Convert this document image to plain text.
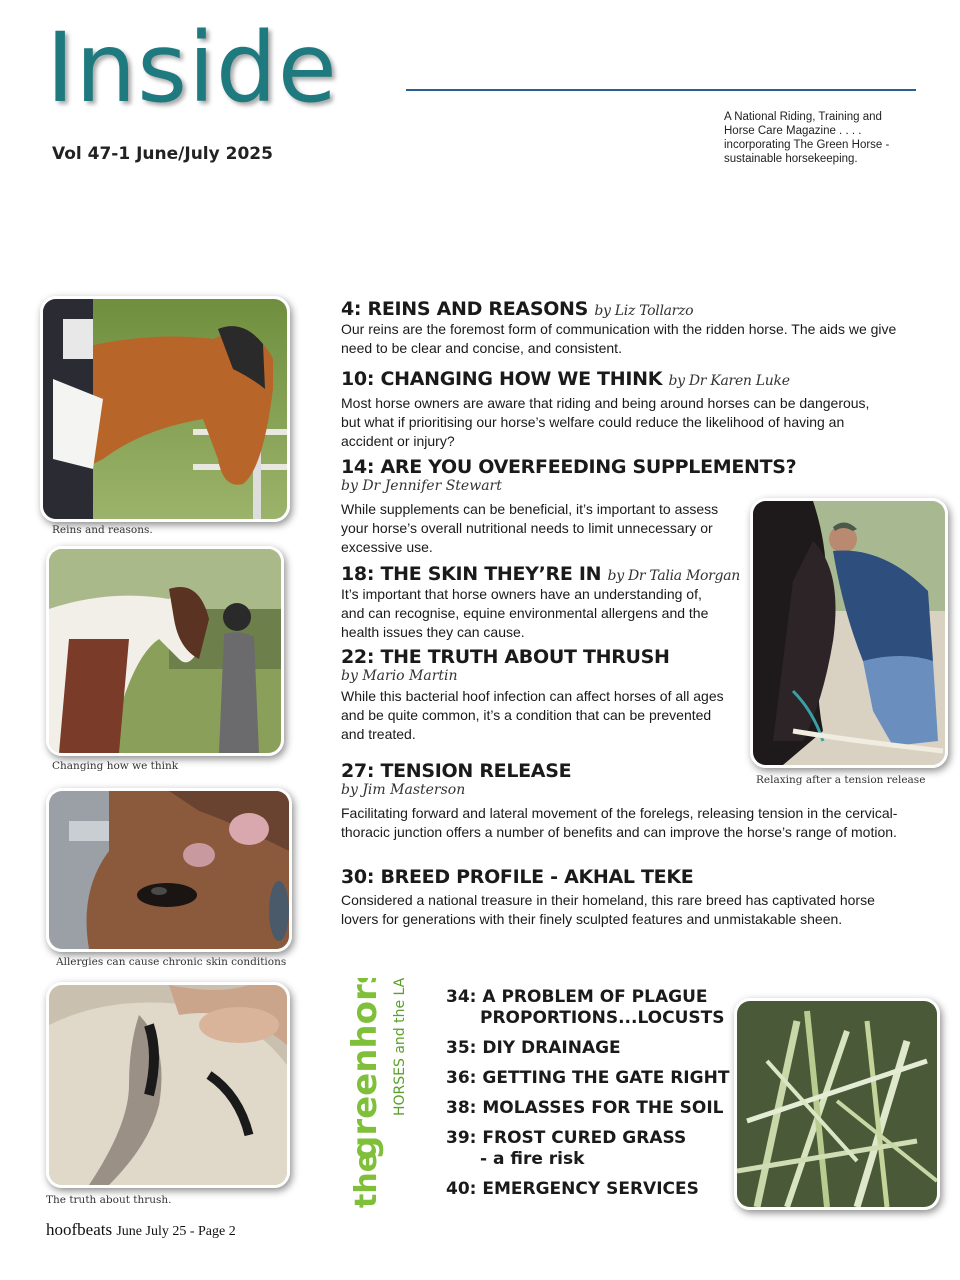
Inside
Vol 47-1 June/July 2025
A National Riding, Training and Horse Care Magazine . . . . incorporating The Green Horse -sustainable horsekeeping.
Reins and reasons.
Changing how we think
Allergies can cause chronic skin conditions
The truth about thrush.
Relaxing after a tension release
4: REINS AND REASONS by Liz Tollarzo
Our reins are the foremost form of communication with the ridden horse. The aids we give need to be clear and concise, and consistent.
10: CHANGING HOW WE THINK by Dr Karen Luke
Most horse owners are aware that riding and being around horses can be dangerous, but what if prioritising our horse’s welfare could reduce the likelihood of having an accident or injury?
14: ARE YOU OVERFEEDING SUPPLEMENTS?
by Dr Jennifer Stewart
While supplements can be beneficial, it’s important to assess your horse’s overall nutritional needs to limit unnecessary or excessive use.
18: THE SKIN THEY’RE IN by Dr Talia Morgan
It’s important that horse owners have an understanding of, and can recognise, equine environmental allergens and the health issues they can cause.
22: THE TRUTH ABOUT THRUSH
by Mario Martin
While this bacterial hoof infection can affect horses of all ages and be quite common, it’s a condition that can be prevented and treated.
27: TENSION RELEASE
by Jim Masterson
Facilitating forward and lateral movement of the forelegs, releasing tension in the cervical-thoracic junction offers a number of benefits and can improve the horse’s range of motion.
30: BREED PROFILE - AKHAL TEKE
Considered a national treasure in their homeland, this rare breed has captivated horse lovers for generations with their finely sculpted features and unmistakable sheen.
the
greenhorse HORSES and the LAND 34: A PROBLEM OF PLAGUE
PROPORTIONS...LOCUSTS
35: DIY DRAINAGE
36: GETTING THE GATE RIGHT
38: MOLASSES FOR THE SOIL
39: FROST CURED GRASS
- a fire risk
40: EMERGENCY SERVICES
hoofbeats June July 25 - Page 2
